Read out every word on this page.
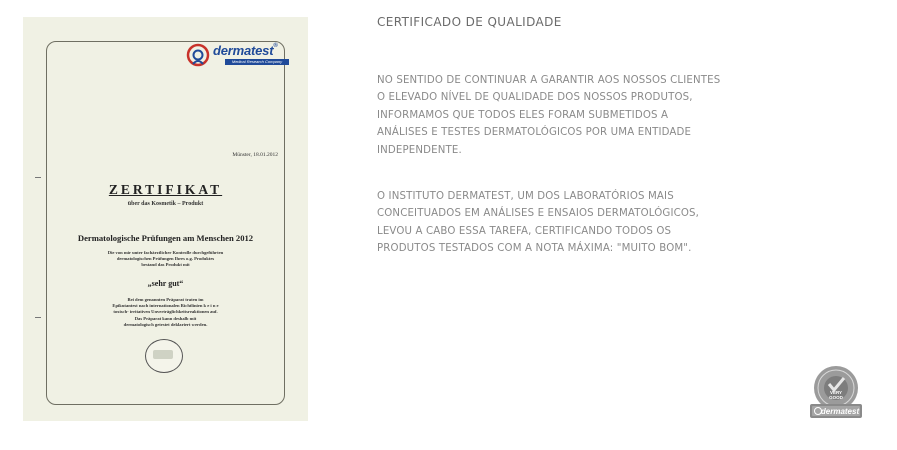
dermatest®
Medical Research Company
Münster, 18.01.2012
ZERTIFIKAT
über das Kosmetik – Produkt
Dermatologische Prüfungen am Menschen 2012
Die von mir unter fachärztlicher Kontrolle durchgeführten
dermatologischen Prüfungen Ihres o.g. Produktes
bestand das Produkt mit
„sehr gut“
Bei dem genannten Präparat traten im
Epikutantest nach internationalen Richtlinien k e i n e
toxisch- irritativen Unverträglichkeitsreaktionen auf.
Das Präparat kann deshalb mit
dermatologisch getestet deklariert werden.
CERTIFICADO DE QUALIDADE

NO SENTIDO DE CONTINUAR A GARANTIR AOS NOSSOS CLIENTES
O ELEVADO NÍVEL DE QUALIDADE DOS NOSSOS PRODUTOS,
INFORMAMOS QUE TODOS ELES FORAM SUBMETIDOS A
ANÁLISES E TESTES DERMATOLÓGICOS POR UMA ENTIDADE
INDEPENDENTE.

O INSTITUTO DERMATEST, UM DOS LABORATÓRIOS MAIS
CONCEITUADOS EM ANÁLISES E ENSAIOS DERMATOLÓGICOS,
LEVOU A CABO ESSA TAREFA, CERTIFICANDO TODOS OS
PRODUTOS TESTADOS COM A NOTA MÁXIMA: "MUITO BOM".

VERY
GOOD
dermatest
